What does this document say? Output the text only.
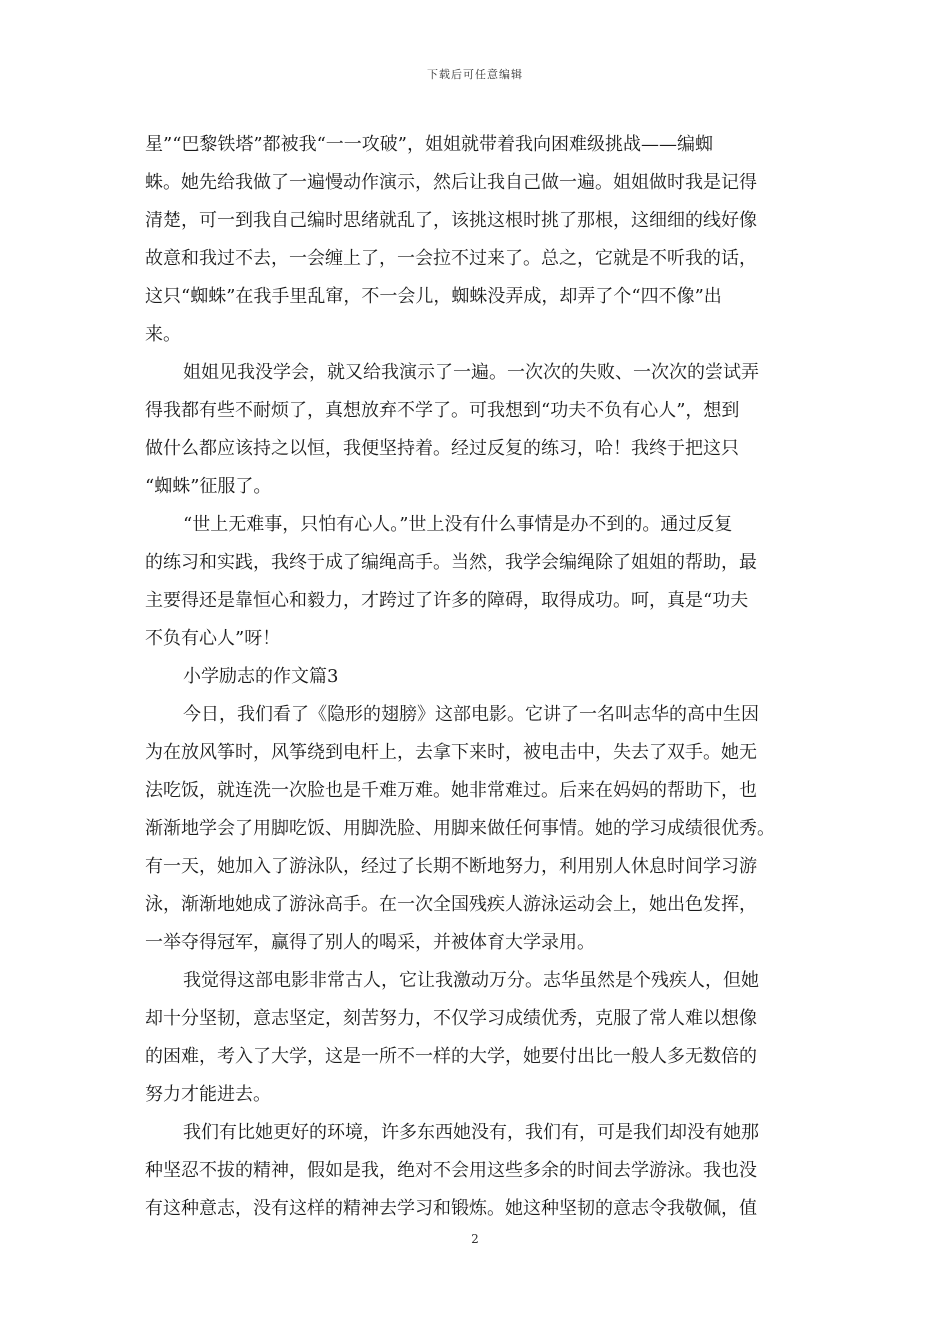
下载后可任意编辑
星”“巴黎铁塔”都被我“一一攻破”，姐姐就带着我向困难级挑战——编蜘
蛛。她先给我做了一遍慢动作演示，然后让我自己做一遍。姐姐做时我是记得
清楚，可一到我自己编时思绪就乱了，该挑这根时挑了那根，这细细的线好像
故意和我过不去，一会缠上了，一会拉不过来了。总之，它就是不听我的话，
这只“蜘蛛”在我手里乱窜，不一会儿，蜘蛛没弄成，却弄了个“四不像”出
来。
姐姐见我没学会，就又给我演示了一遍。一次次的失败、一次次的尝试弄
得我都有些不耐烦了，真想放弃不学了。可我想到“功夫不负有心人”，想到
做什么都应该持之以恒，我便坚持着。经过反复的练习，哈！我终于把这只
“蜘蛛”征服了。
“世上无难事，只怕有心人。”世上没有什么事情是办不到的。通过反复
的练习和实践，我终于成了编绳高手。当然，我学会编绳除了姐姐的帮助，最
主要得还是靠恒心和毅力，才跨过了许多的障碍，取得成功。呵，真是“功夫
不负有心人”呀！
小学励志的作文篇3
今日，我们看了《隐形的翅膀》这部电影。它讲了一名叫志华的高中生因
为在放风筝时，风筝绕到电杆上，去拿下来时，被电击中，失去了双手。她无
法吃饭，就连洗一次脸也是千难万难。她非常难过。后来在妈妈的帮助下，也
渐渐地学会了用脚吃饭、用脚洗脸、用脚来做任何事情。她的学习成绩很优秀。
有一天，她加入了游泳队，经过了长期不断地努力，利用别人休息时间学习游
泳，渐渐地她成了游泳高手。在一次全国残疾人游泳运动会上，她出色发挥，
一举夺得冠军，赢得了别人的喝采，并被体育大学录用。
我觉得这部电影非常古人，它让我激动万分。志华虽然是个残疾人，但她
却十分坚韧，意志坚定，刻苦努力，不仅学习成绩优秀，克服了常人难以想像
的困难，考入了大学，这是一所不一样的大学，她要付出比一般人多无数倍的
努力才能进去。
我们有比她更好的环境，许多东西她没有，我们有，可是我们却没有她那
种坚忍不拔的精神，假如是我，绝对不会用这些多余的时间去学游泳。我也没
有这种意志，没有这样的精神去学习和锻炼。她这种坚韧的意志令我敬佩，值
2
